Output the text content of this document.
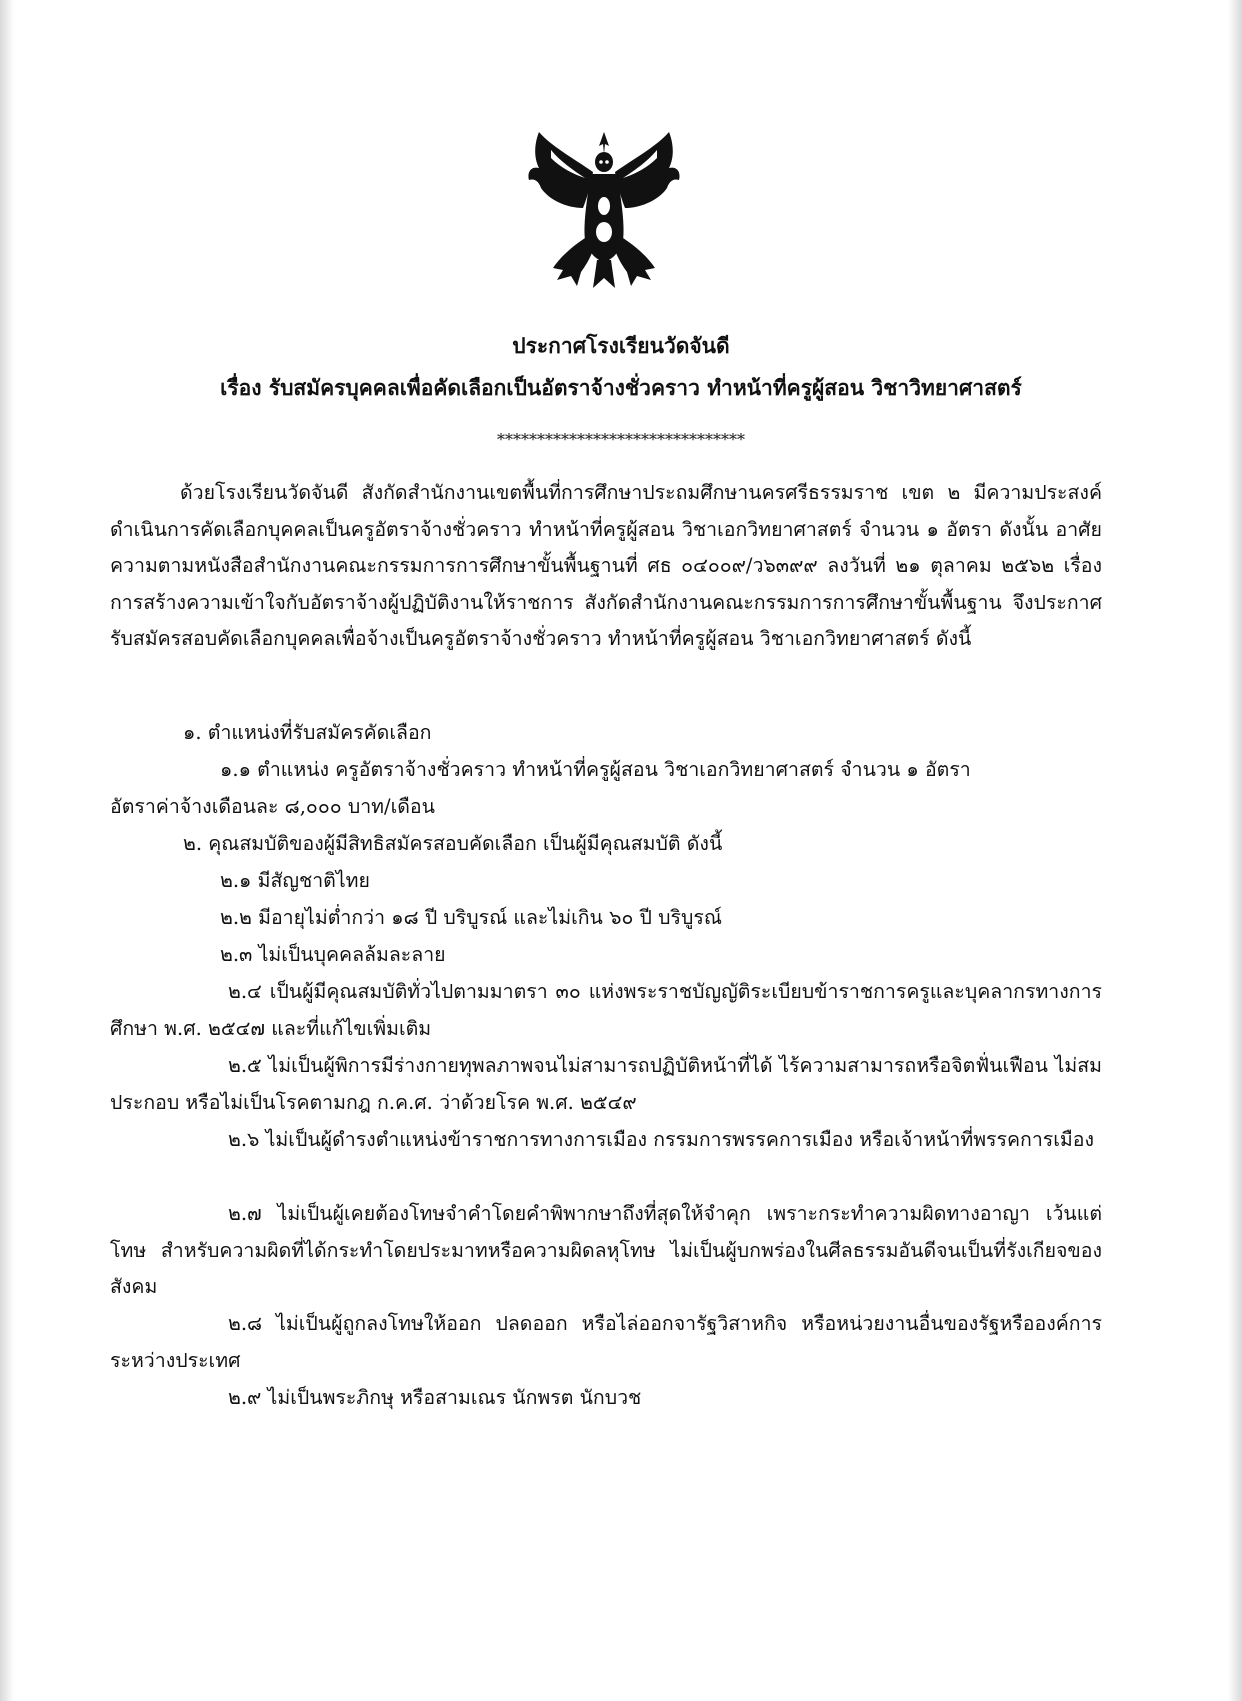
ประกาศโรงเรียนวัดจันดี
เรื่อง รับสมัครบุคคลเพื่อคัดเลือกเป็นอัตราจ้างชั่วคราว ทำหน้าที่ครูผู้สอน วิชาวิทยาศาสตร์
*******************************

ด้วยโรงเรียนวัดจันดี สังกัดสำนักงานเขตพื้นที่การศึกษาประถมศึกษานครศรีธรรมราช เขต ๒ มีความประสงค์ดำเนินการคัดเลือกบุคคลเป็นครูอัตราจ้างชั่วคราว ทำหน้าที่ครูผู้สอน วิชาเอกวิทยาศาสตร์ จำนวน ๑ อัตรา ดังนั้น อาศัยความตามหนังสือสำนักงานคณะกรรมการการศึกษาขั้นพื้นฐานที่ ศธ ๐๔๐๐๙/ว๖๓๙๙ ลงวันที่ ๒๑ ตุลาคม ๒๕๖๒ เรื่องการสร้างความเข้าใจกับอัตราจ้างผู้ปฏิบัติงานให้ราชการ สังกัดสำนักงานคณะกรรมการการศึกษาขั้นพื้นฐาน จึงประกาศรับสมัครสอบคัดเลือกบุคคลเพื่อจ้างเป็นครูอัตราจ้างชั่วคราว ทำหน้าที่ครูผู้สอน วิชาเอกวิทยาศาสตร์ ดังนี้

๑. ตำแหน่งที่รับสมัครคัดเลือก
๑.๑ ตำแหน่ง ครูอัตราจ้างชั่วคราว ทำหน้าที่ครูผู้สอน วิชาเอกวิทยาศาสตร์ จำนวน ๑ อัตรา
อัตราค่าจ้างเดือนละ ๘,๐๐๐ บาท/เดือน
๒. คุณสมบัติของผู้มีสิทธิสมัครสอบคัดเลือก เป็นผู้มีคุณสมบัติ ดังนี้
๒.๑ มีสัญชาติไทย
๒.๒ มีอายุไม่ต่ำกว่า ๑๘ ปี บริบูรณ์ และไม่เกิน ๖๐ ปี บริบูรณ์
๒.๓ ไม่เป็นบุคคลล้มละลาย
๒.๔ เป็นผู้มีคุณสมบัติทั่วไปตามมาตรา ๓๐ แห่งพระราชบัญญัติระเบียบข้าราชการครูและบุคลากรทางการศึกษา พ.ศ. ๒๕๔๗ และที่แก้ไขเพิ่มเติม
๒.๕ ไม่เป็นผู้พิการมีร่างกายทุพลภาพจนไม่สามารถปฏิบัติหน้าที่ได้ ไร้ความสามารถหรือจิตฟั่นเฟือน ไม่สมประกอบ หรือไม่เป็นโรคตามกฎ ก.ค.ศ. ว่าด้วยโรค พ.ศ. ๒๕๔๙
๒.๖ ไม่เป็นผู้ดำรงตำแหน่งข้าราชการทางการเมือง กรรมการพรรคการเมือง หรือเจ้าหน้าที่พรรคการเมือง
๒.๗ ไม่เป็นผู้เคยต้องโทษจำคำโดยคำพิพากษาถึงที่สุดให้จำคุก เพราะกระทำความผิดทางอาญา เว้นแต่โทษ สำหรับความผิดที่ได้กระทำโดยประมาทหรือความผิดลหุโทษ ไม่เป็นผู้บกพร่องในศีลธรรมอันดีจนเป็นที่รังเกียจของสังคม
๒.๘ ไม่เป็นผู้ถูกลงโทษให้ออก ปลดออก หรือไล่ออกจารัฐวิสาหกิจ หรือหน่วยงานอื่นของรัฐหรือองค์การระหว่างประเทศ
๒.๙ ไม่เป็นพระภิกษุ หรือสามเณร นักพรต นักบวช
